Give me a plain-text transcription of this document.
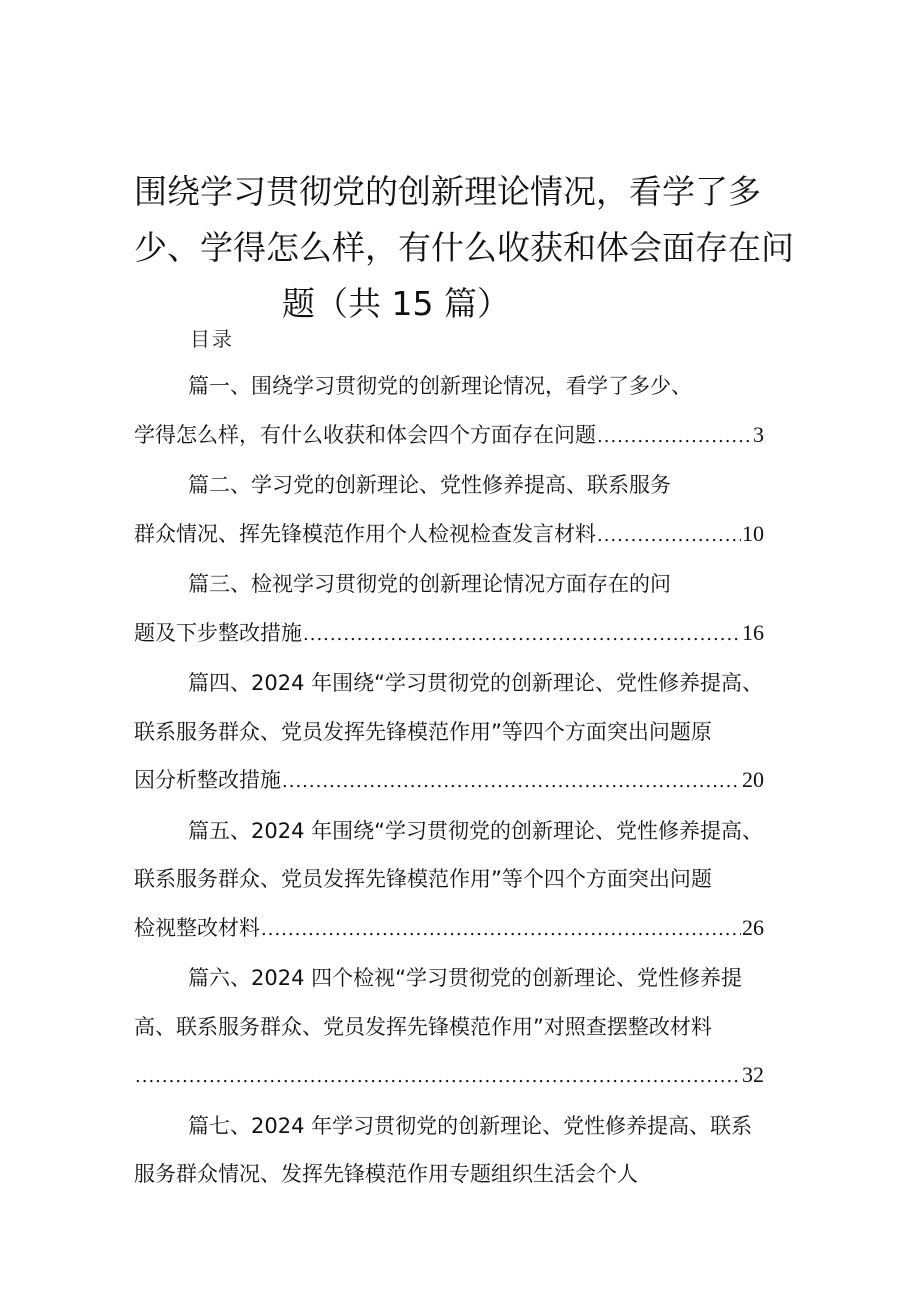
围绕学习贯彻党的创新理论情况，看学了多
少、学得怎么样，有什么收获和体会面存在问
题（共 15 篇）
目录
篇一、围绕学习贯彻党的创新理论情况，看学了多少、
学得怎么样，有什么收获和体会四个方面存在问题 .....	3
篇二、学习党的创新理论、党性修养提高、联系服务
群众情况、挥先锋模范作用个人检视检查发言材料 .....	10
篇三、检视学习贯彻党的创新理论情况方面存在的问
题及下步整改措施 .....	16
篇四、2024 年围绕“学习贯彻党的创新理论、党性修养提高、
联系服务群众、党员发挥先锋模范作用”等四个方面突出问题原
因分析整改措施 .....	20
篇五、2024 年围绕“学习贯彻党的创新理论、党性修养提高、
联系服务群众、党员发挥先锋模范作用”等个四个方面突出问题
检视整改材料 .....	26
篇六、2024 四个检视“学习贯彻党的创新理论、党性修养提
高、联系服务群众、党员发挥先锋模范作用”对照查摆整改材料
.....
32
篇七、2024 年学习贯彻党的创新理论、党性修养提高、联系
服务群众情况、发挥先锋模范作用专题组织生活会个人
